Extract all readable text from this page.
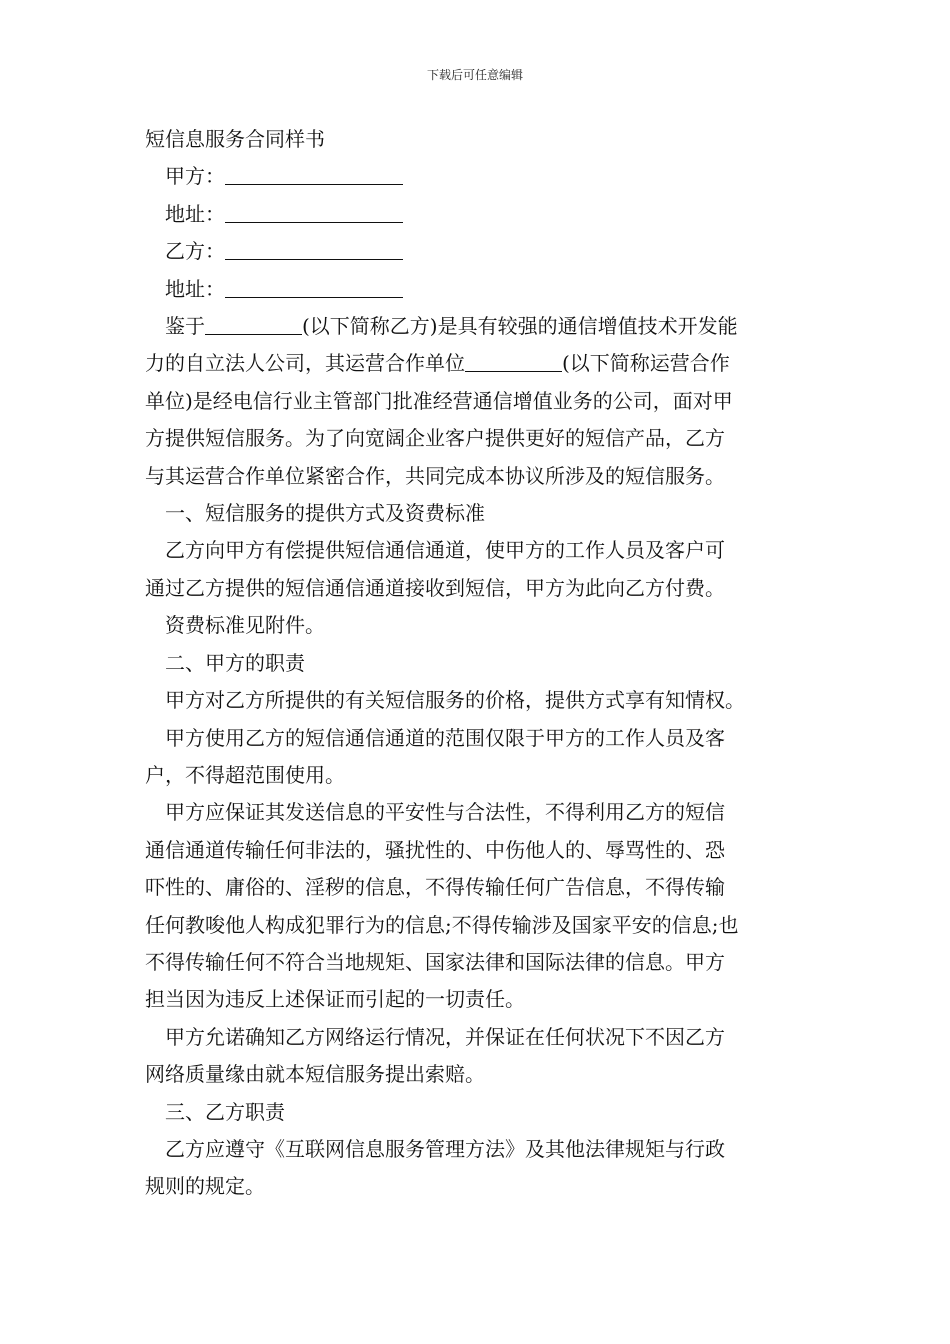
下载后可任意编辑
短信息服务合同样书
甲方：
地址：
乙方：
地址：
鉴于	(以下简称乙方)是具有较强的通信增值技术开发能
力的自立法人公司，其运营合作单位	(以下简称运营合作
单位)是经电信行业主管部门批准经营通信增值业务的公司，面对甲
方提供短信服务。为了向宽阔企业客户提供更好的短信产品，乙方
与其运营合作单位紧密合作，共同完成本协议所涉及的短信服务。
一、短信服务的提供方式及资费标准
乙方向甲方有偿提供短信通信通道，使甲方的工作人员及客户可
通过乙方提供的短信通信通道接收到短信，甲方为此向乙方付费。
资费标准见附件。
二、甲方的职责
甲方对乙方所提供的有关短信服务的价格，提供方式享有知情权。
甲方使用乙方的短信通信通道的范围仅限于甲方的工作人员及客
户，不得超范围使用。
甲方应保证其发送信息的平安性与合法性，不得利用乙方的短信
通信通道传输任何非法的，骚扰性的、中伤他人的、辱骂性的、恐
吓性的、庸俗的、淫秽的信息，不得传输任何广告信息，不得传输
任何教唆他人构成犯罪行为的信息;不得传输涉及国家平安的信息;也
不得传输任何不符合当地规矩、国家法律和国际法律的信息。甲方
担当因为违反上述保证而引起的一切责任。
甲方允诺确知乙方网络运行情况，并保证在任何状况下不因乙方
网络质量缘由就本短信服务提出索赔。
三、乙方职责
乙方应遵守《互联网信息服务管理方法》及其他法律规矩与行政
规则的规定。
